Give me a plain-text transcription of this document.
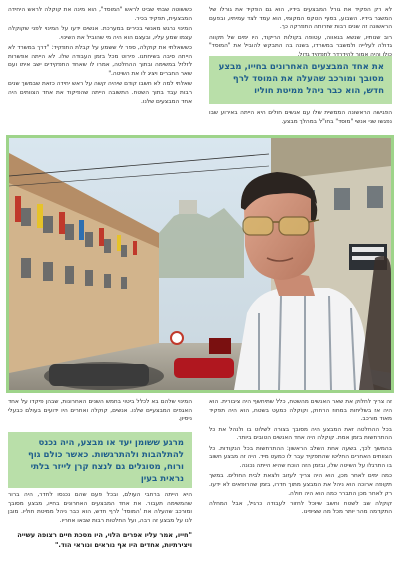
לא רק הפקיד את גורל המבצעים בידיו, הוא גם הפקיד את גורלו של המשגר בידיו. השבוע, בסוף הטקס המקומי, הוא עמד לצד עמיתיו, ובפעם הראשונה זה שנים רבות שזרותה התפרקה כך.

רוב שנותיו, שנשא בגאווה, עטופה בקולות הריקוד, היו ימים של תקווה גדולה לעלייה ולמשבר במשרדו, בשנה בה התבקש להוביל את "המוסד"

את אחד המבצעים האחרונים בחייו, מבצע מסובך ומורכב שהעלה את המוסד לרף חדש, הוא כבר ניהל ממיטת חוליו

הפגישה הראשונה הממשית שלו עם אנשים חולים היא הייתה באירוע שבו נפגשו שני אנשי "מוסד" בחו"ל במהלך מבצע.

כששוטה שבתי שביט לראש "המוסד", הוא מינה את קוקלה לראש היחידה המבצעית, תפקיד בכיר.

המינוי נרגש מאנשי בכירים במערכת. אנשים ידעו על המינוי לפני שקוקלה עצמו שמע עליו, ובעצם הוא היה מי שהוביל את השינוי.

כששאלתי את קוקלה, ספר לי ששמע על קבלת התפקיד: "דרך במשרד לא הייתה סיבה בשיחתנו. פירוט מכל בזמן העבודה שלו. לא הייתה אפשרות לזלזל במשימה ובתוך ההחלטה, אמרו לו שאחד התפקידים ישב איתו ועם שאר החברים ויציג לו את השיטה."

שאלתי למה לא חשבו קודם שיהיה קשה על ראש יחידה כזאת שבמשך שנים רבות עבד בתוך השטח. התשובה הייתה שהפיקוד את אחד הצוותים היה אחד המבצעים שלנו.

זה צריך לחלוק את שאר האנשים מהשטח, כלל שתיחשף היה ציבורית. הוא היה אז בשליחות במחוז הרחוק, וקוקלה כמעט בשטח, הוא היה תפקיד מאוד מורכב.

בכל ההחלטה זאת המבצע היה מסובך בצורה לשלוט בו ולנהל את כל ההתרחשות בזמן אמת. קוקלה היה אחד האנשים הטובים ביותר.

בהמשך לכך, בשעה אחת השלב הראשון: ההתרחשות בכל הנקודות. כל הצוותים האחרים החליטו שהתפקיד עבר לו כמעט מיד. היה זה מבצע חשוב בו התרגלו על השיטה שלו, ובזמן הזה הוכח שהיא הייתה נכונה.

כמה ימים לאחר מכן, הוא היה צריך לעזוב ולצאת לבית החולים. במשך תקופה ארוכה הוא ניהל את המבצע מתוך חדרו, בזמן שהרופאים לא ידעו. רק לאחר מכן התברר כמה הוא היה חולה.

קוקלה שב לשטח וחשב שיוכל לחזור לעבודה כרגיל, אבל המחלה התקדמה מהר יותר מכל מה שציפינו.

המינוי שלהם בא לכלל ביטוי בחמש השנים האחרונות, שבהן פיקדו על אחד האגפים המבצעיים שלנו. אנשים, קוקלה ואחרים היו ידועים בעולם כבעלי ניסיון.

מרגע ששומן יעד או מבצע, היה נכנס להתלהבות ולהתרגשות. כאשר כולם גוף ורוח, מסוגלים גם לנצח קרן לייזר בלתי נראית בעין

היא הייתה ברחבי העולם, ובכל פעם שהם נכנסו לחדר, היה ברור שהמשימה תעבור. את אחד המבצעים האחרונים בחייו, מבצע מסובך ומורכב שהעלה את 'המוסד' לרף חדש, הוא כבר ניהל ממיטת חוליו. מובן לנו על מבצע זה רבה, ועל החלטות רבות שבאו אחריו.

"חייו, אמר עליו אפרים הלוי, היו מסכת חיים רצופה עשייה ויצירתיות, אחדים היו אף נוראים ונוראי הוד."
